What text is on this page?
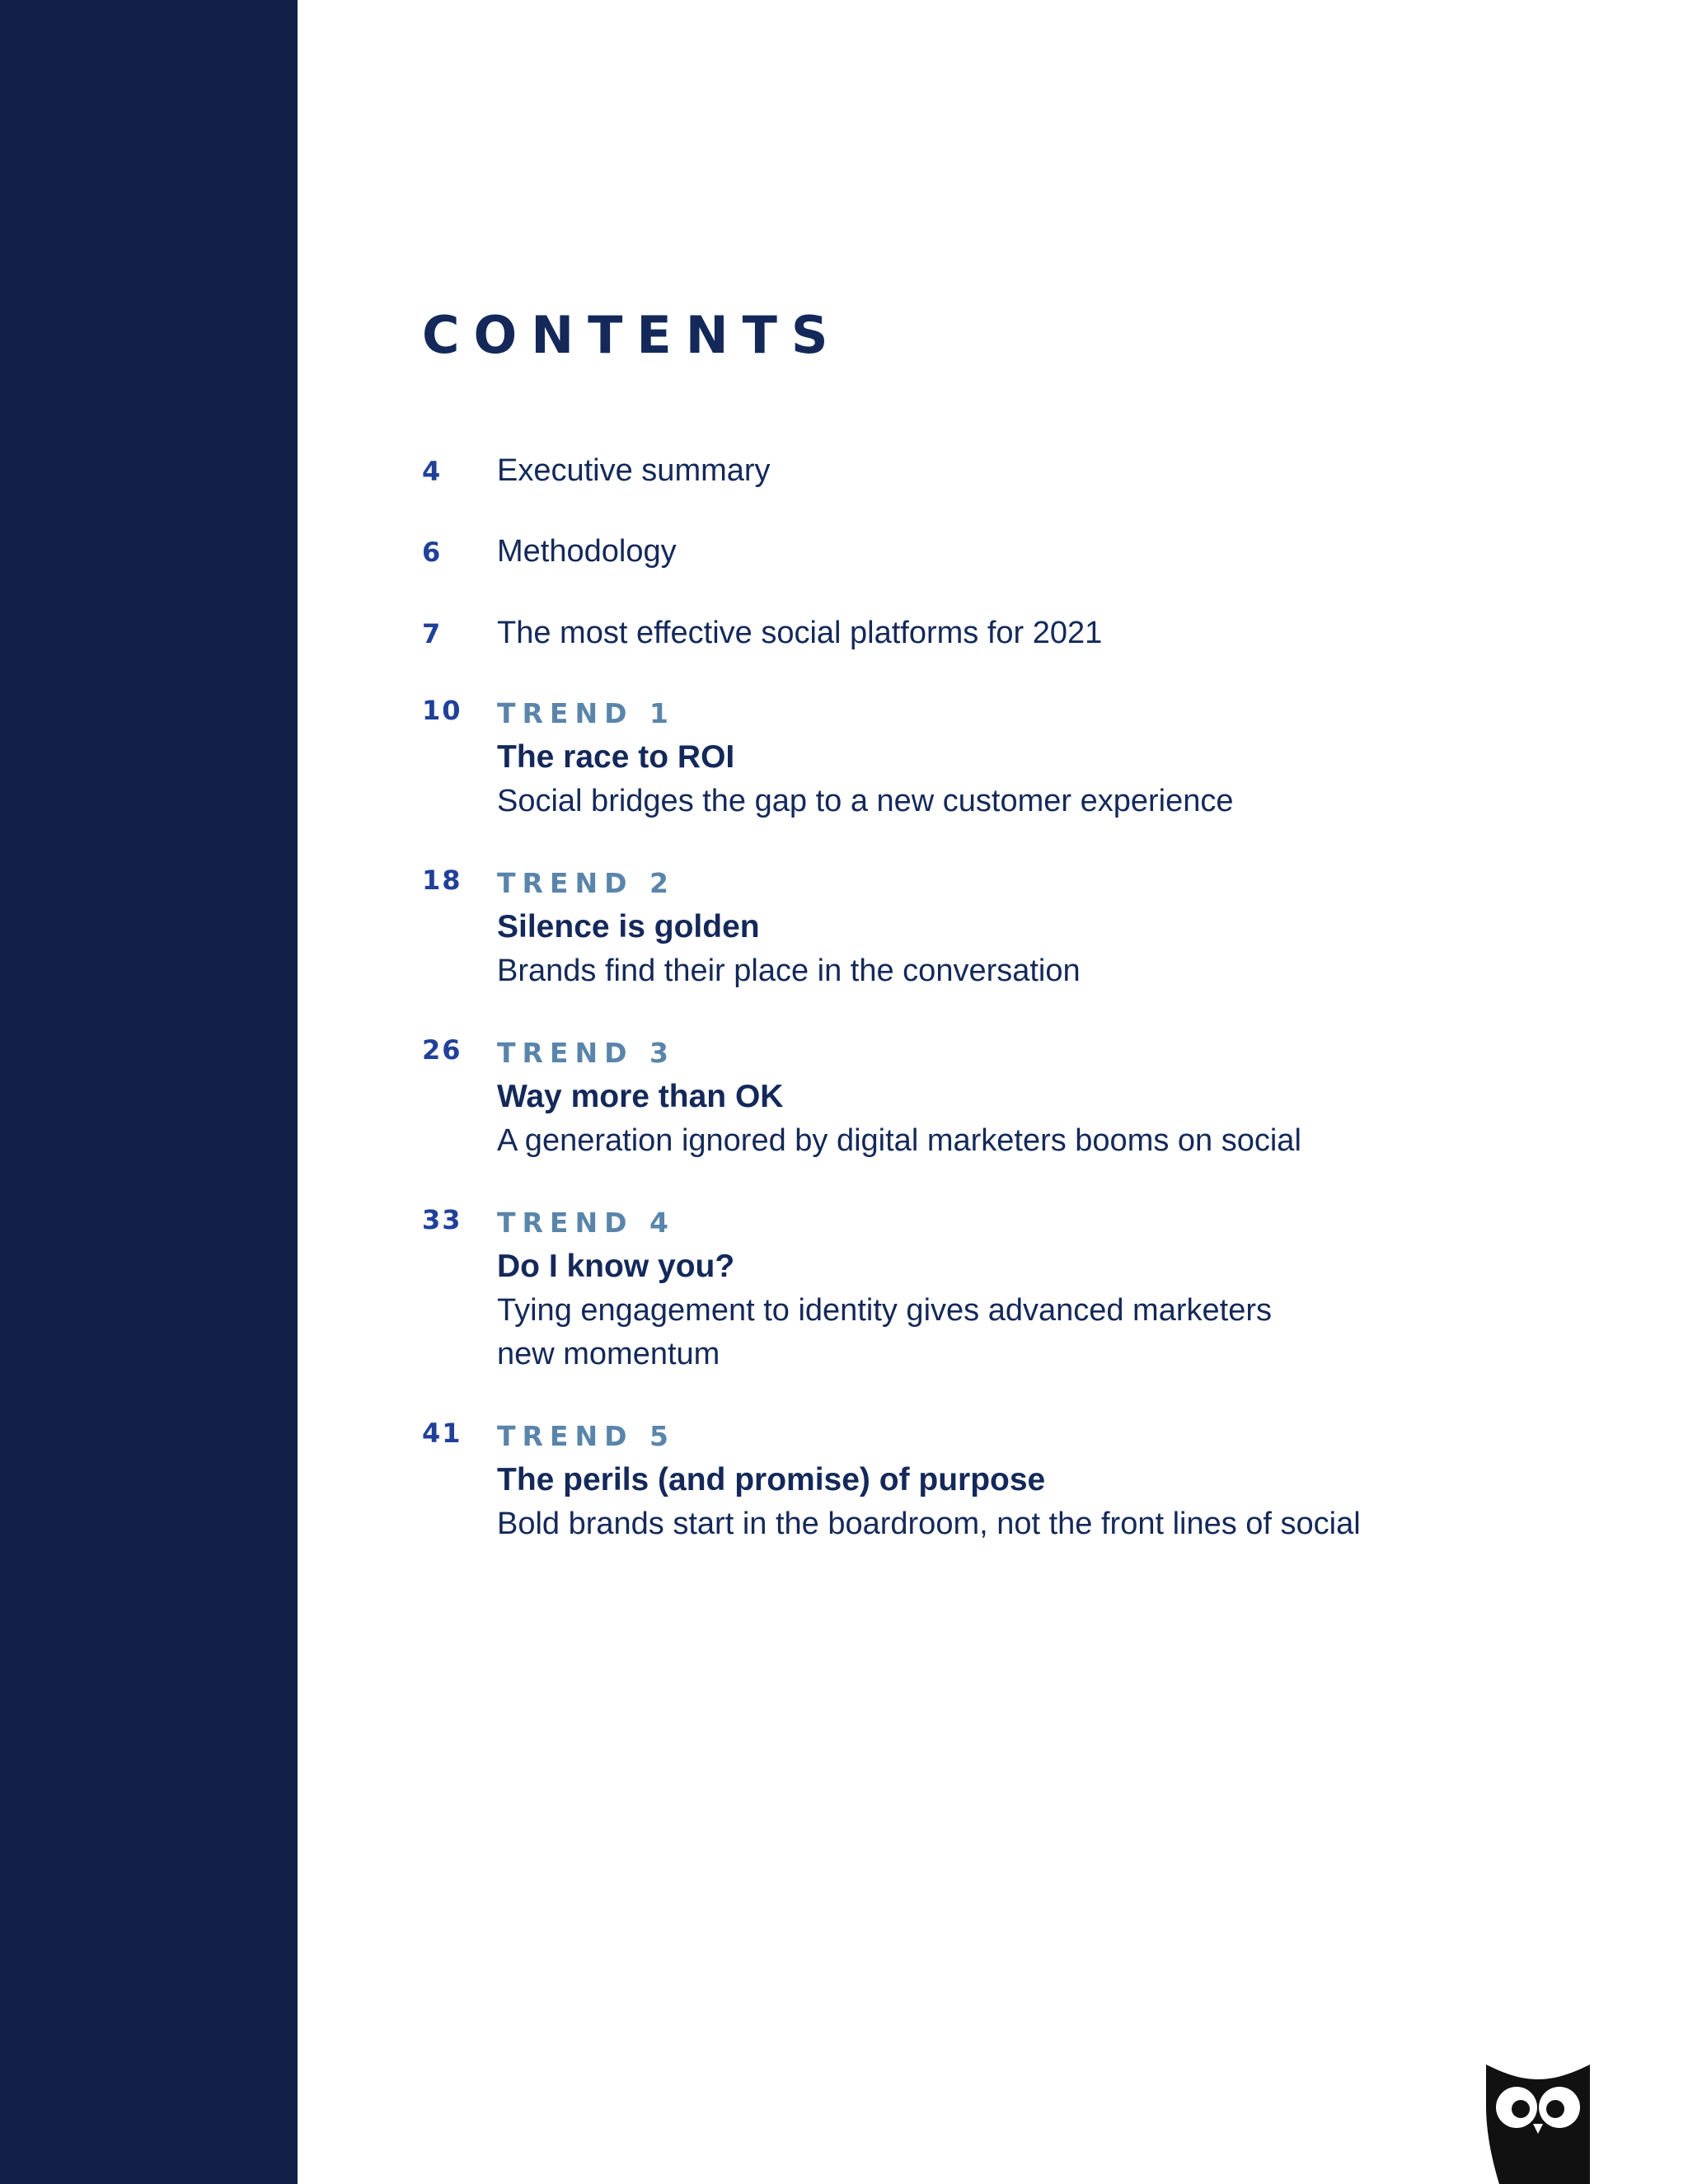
CONTENTS
4 Executive summary
6 Methodology
7 The most effective social platforms for 2021
10 TREND 1
The race to ROI
Social bridges the gap to a new customer experience
18 TREND 2
Silence is golden
Brands find their place in the conversation
26 TREND 3
Way more than OK
A generation ignored by digital marketers booms on social
33 TREND 4
Do I know you?
Tying engagement to identity gives advanced marketers
new momentum
41 TREND 5
The perils (and promise) of purpose
Bold brands start in the boardroom, not the front lines of social
